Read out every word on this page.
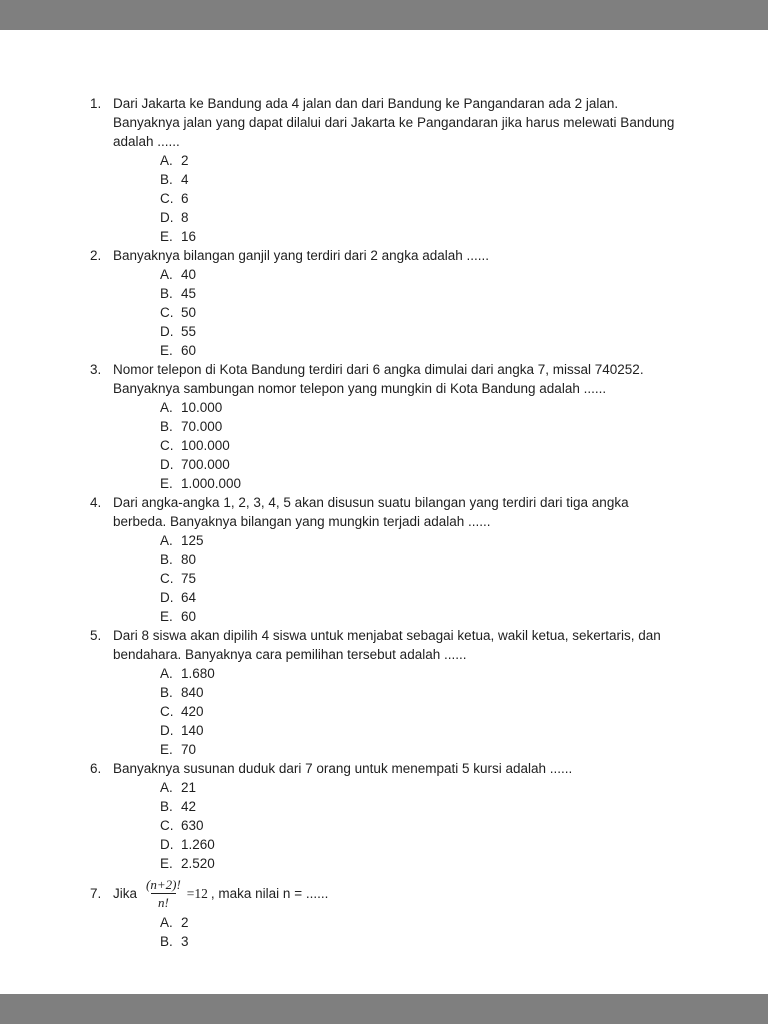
1. Dari Jakarta ke Bandung ada 4 jalan dan dari Bandung ke Pangandaran ada 2 jalan. Banyaknya jalan yang dapat dilalui dari Jakarta ke Pangandaran jika harus melewati Bandung adalah ......
A. 2
B. 4
C. 6
D. 8
E. 16
2. Banyaknya bilangan ganjil yang terdiri dari 2 angka adalah ......
A. 40
B. 45
C. 50
D. 55
E. 60
3. Nomor telepon di Kota Bandung terdiri dari 6 angka dimulai dari angka 7, missal 740252. Banyaknya sambungan nomor telepon yang mungkin di Kota Bandung adalah ......
A. 10.000
B. 70.000
C. 100.000
D. 700.000
E. 1.000.000
4. Dari angka-angka 1, 2, 3, 4, 5 akan disusun suatu bilangan yang terdiri dari tiga angka berbeda. Banyaknya bilangan yang mungkin terjadi adalah ......
A. 125
B. 80
C. 75
D. 64
E. 60
5. Dari 8 siswa akan dipilih 4 siswa untuk menjabat sebagai ketua, wakil ketua, sekertaris, dan bendahara. Banyaknya cara pemilihan tersebut adalah ......
A. 1.680
B. 840
C. 420
D. 140
E. 70
6. Banyaknya susunan duduk dari 7 orang untuk menempati 5 kursi adalah ......
A. 21
B. 42
C. 630
D. 1.260
E. 2.520
7. Jika $\frac{(n+2)!}{n!} =12$ , maka nilai n = ......
A. 2
B. 3
